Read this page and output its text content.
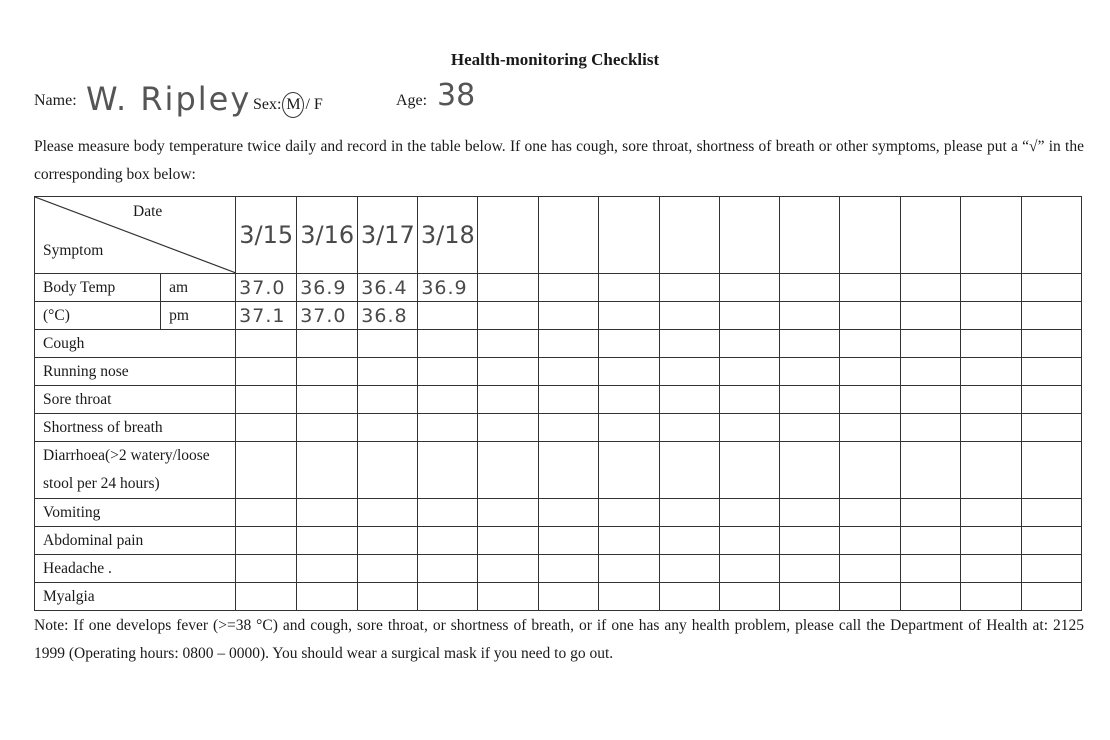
Health-monitoring Checklist
Name: W. Ripley Sex: M / F	Age: 38
Please measure body temperature twice daily and record in the table below. If one has cough, sore throat, shortness of breath or other symptoms, please put a “√” in the corresponding box below:
Date
Symptom		3/15	3/16	3/17	3/18										
Body Temp	am	37.0	36.9	36.4	36.9										
(°C)	pm	37.1	37.0	36.8											
Cough															
Running nose															
Sore throat															
Shortness of breath															
Diarrhoea(>2 watery/loose
stool per 24 hours)															
Vomiting															
Abdominal pain															
Headache .															
Myalgia															
Note: If one develops fever (>=38 °C) and cough, sore throat, or shortness of breath, or if one has any health problem, please call the Department of Health at: 2125 1999 (Operating hours: 0800 – 0000). You should wear a surgical mask if you need to go out.
